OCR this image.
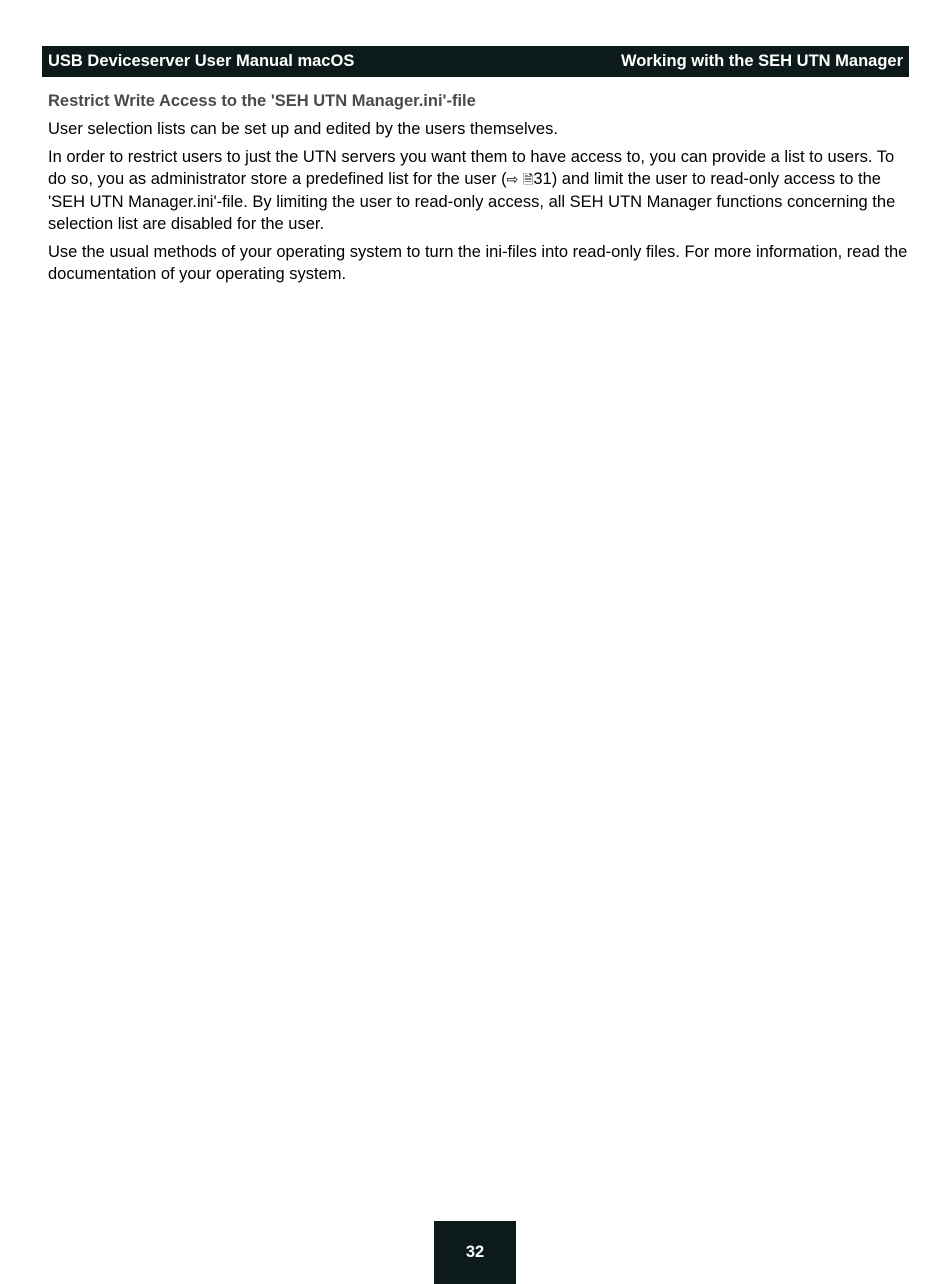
USB Deviceserver User Manual macOS	Working with the SEH UTN Manager

Restrict Write Access to the 'SEH UTN Manager.ini'-file

User selection lists can be set up and edited by the users themselves.

In order to restrict users to just the UTN servers you want them to have access to, you can provide a list to users. To do so, you as administrator store a predefined list for the user (⇨ 🗎31) and limit the user to read-only access to the 'SEH UTN Manager.ini'-file. By limiting the user to read-only access, all SEH UTN Manager functions concerning the selection list are disabled for the user.

Use the usual methods of your operating system to turn the ini-files into read-only files. For more information, read the documentation of your operating system.

32
